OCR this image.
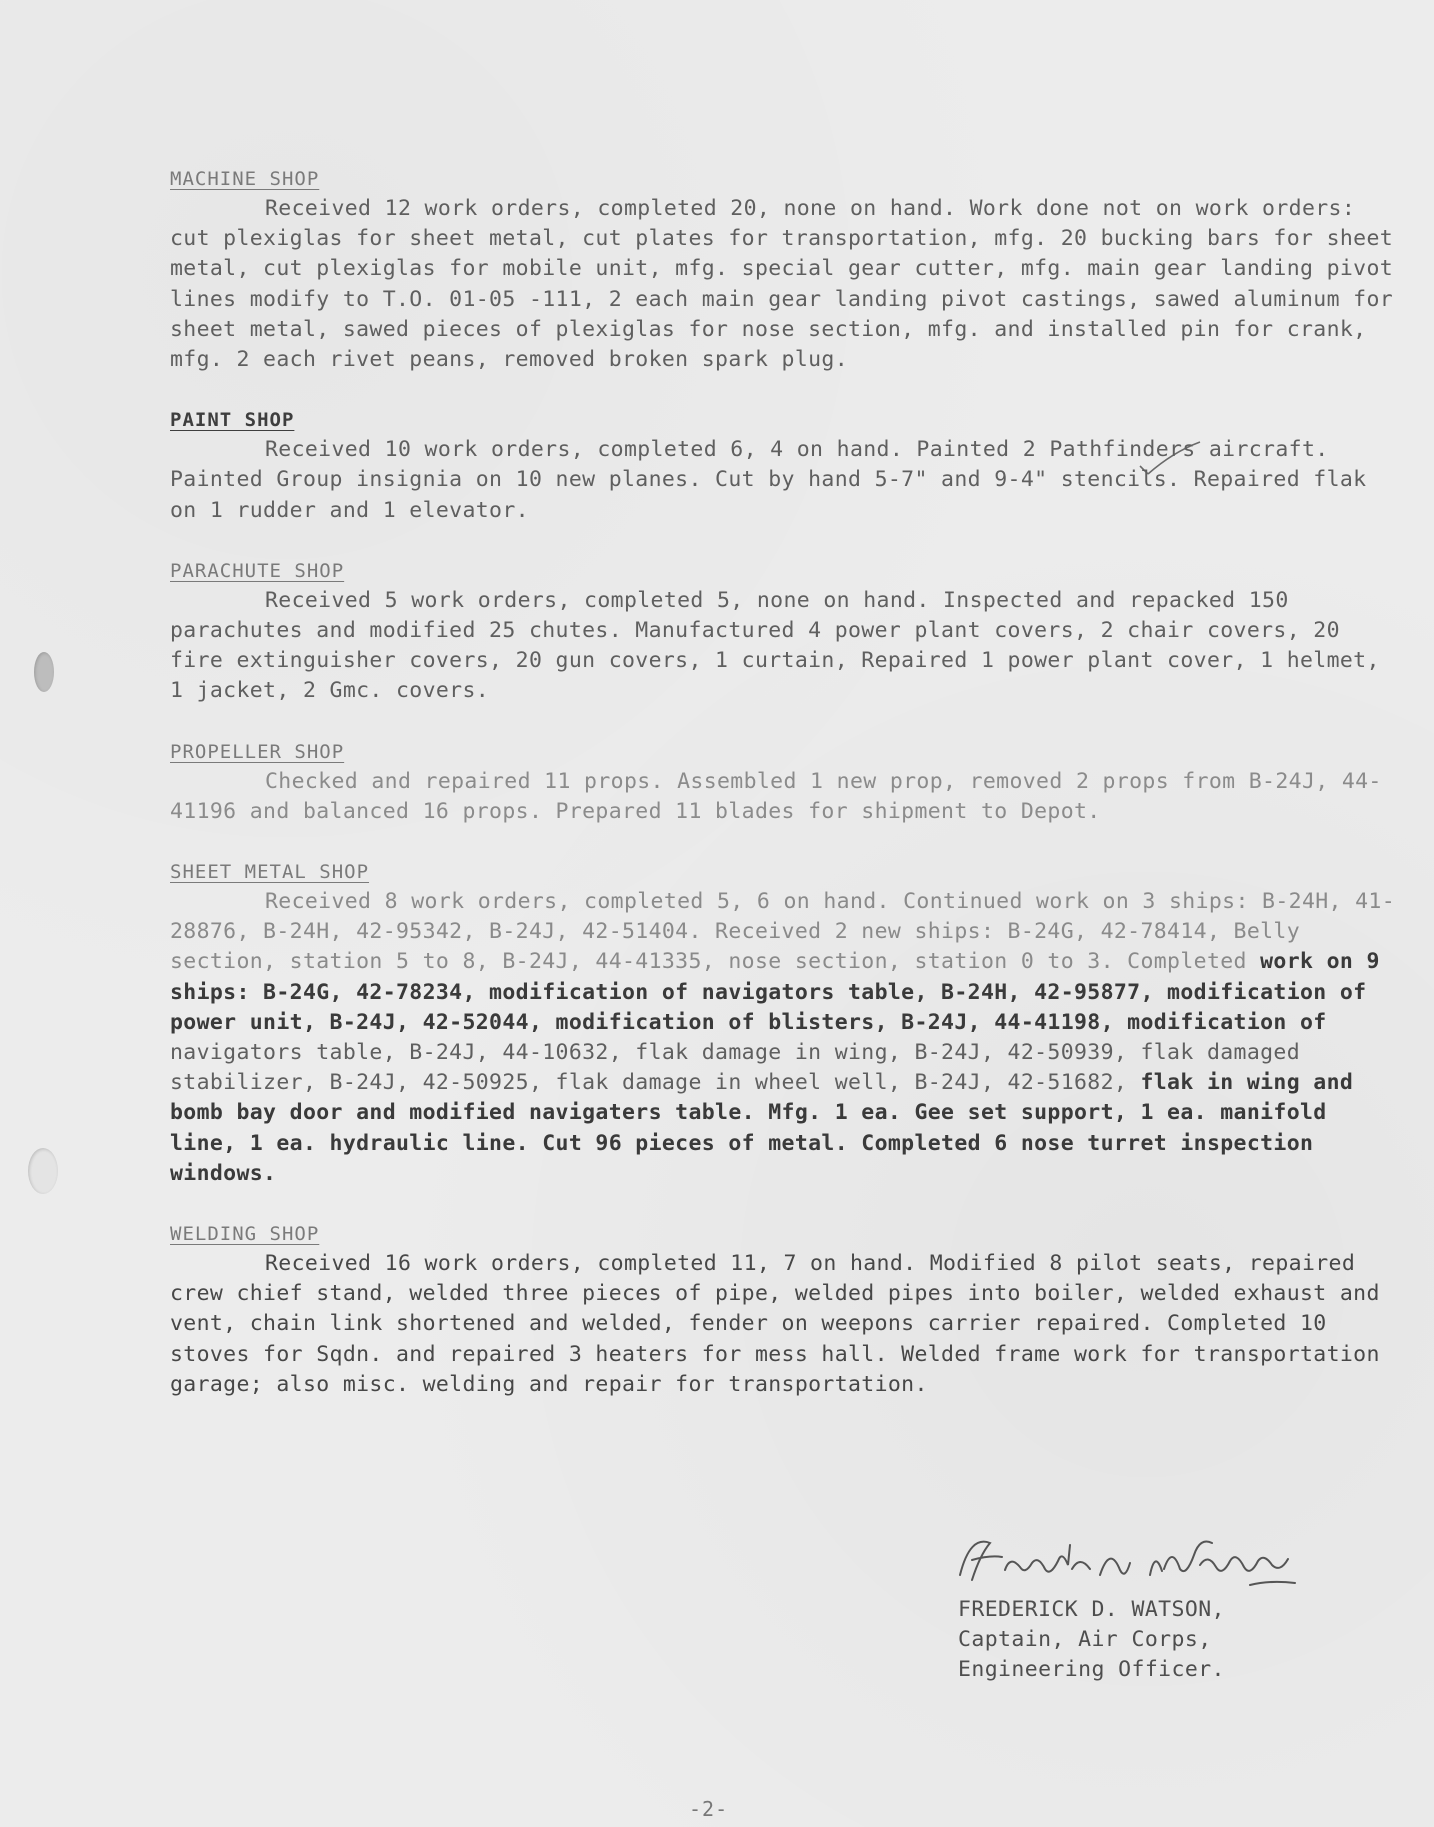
MACHINE SHOP

Received 12 work orders, completed 20, none on hand. Work done not on work orders: cut plexiglas for sheet metal, cut plates for transportation, mfg. 20 bucking bars for sheet metal, cut plexiglas for mobile unit, mfg. special gear cutter, mfg. main gear landing pivot lines modify to T.O. 01-05 -111, 2 each main gear landing pivot castings, sawed aluminum for sheet metal, sawed pieces of plexiglas for nose section, mfg. and installed pin for crank, mfg. 2 each rivet peans, removed broken spark plug.

PAINT SHOP

Received 10 work orders, completed 6, 4 on hand. Painted 2 Pathfinders aircraft. Painted Group insignia on 10 new planes. Cut by hand 5-7" and 9-4" stencils. Repaired flak on 1 rudder and 1 elevator.

PARACHUTE SHOP

Received 5 work orders, completed 5, none on hand. Inspected and repacked 150 parachutes and modified 25 chutes. Manufactured 4 power plant covers, 2 chair covers, 20 fire extinguisher covers, 20 gun covers, 1 curtain, Repaired 1 power plant cover, 1 helmet, 1 jacket, 2 Gmc. covers.

PROPELLER SHOP

Checked and repaired 11 props. Assembled 1 new prop, removed 2 props from B-24J, 44-41196 and balanced 16 props. Prepared 11 blades for shipment to Depot.

SHEET METAL SHOP

Received 8 work orders, completed 5, 6 on hand. Continued work on 3 ships: B-24H, 41-28876, B-24H, 42-95342, B-24J, 42-51404. Received 2 new ships: B-24G, 42-78414, Belly section, station 5 to 8, B-24J, 44-41335, nose section, station 0 to 3. Completed work on 9 ships: B-24G, 42-78234, modification of navigators table, B-24H, 42-95877, modification of power unit, B-24J, 42-52044, modification of blisters, B-24J, 44-41198, modification of navigators table, B-24J, 44-10632, flak damage in wing, B-24J, 42-50939, flak damaged stabilizer, B-24J, 42-50925, flak damage in wheel well, B-24J, 42-51682, flak in wing and bomb bay door and modified navigaters table. Mfg. 1 ea. Gee set support, 1 ea. manifold line, 1 ea. hydraulic line. Cut 96 pieces of metal. Completed 6 nose turret inspection windows.

WELDING SHOP

Received 16 work orders, completed 11, 7 on hand. Modified 8 pilot seats, repaired crew chief stand, welded three pieces of pipe, welded pipes into boiler, welded exhaust and vent, chain link shortened and welded, fender on weepons carrier repaired. Completed 10 stoves for Sqdn. and repaired 3 heaters for mess hall. Welded frame work for transportation garage; also misc. welding and repair for transportation.

FREDERICK D. WATSON,
Captain, Air Corps,
Engineering Officer.
-2-
